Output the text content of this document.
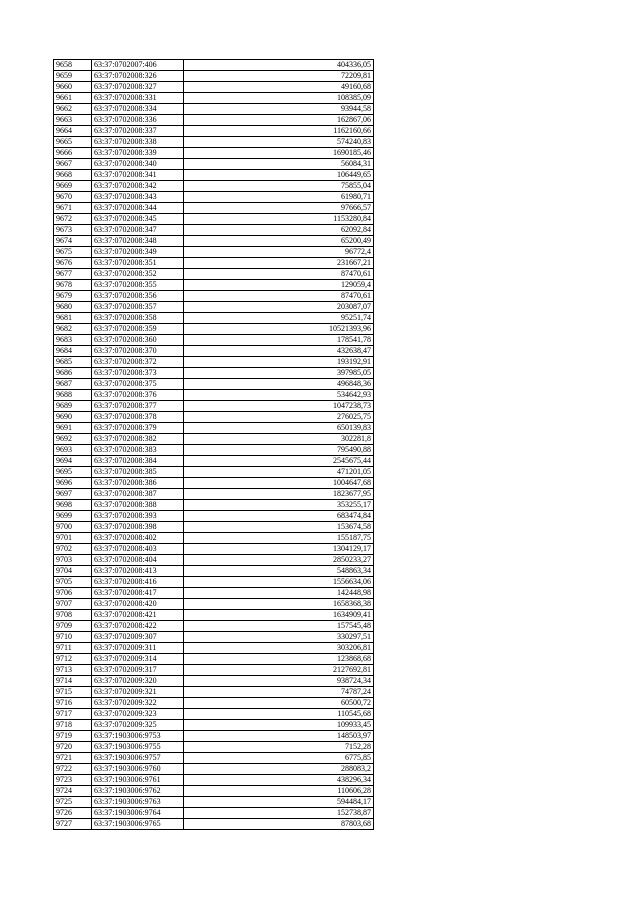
9658	63:37:0702007:406	404336,05
9659	63:37:0702008:326	72209,81
9660	63:37:0702008:327	49160,68
9661	63:37:0702008:331	108385,09
9662	63:37:0702008:334	93944,58
9663	63:37:0702008:336	162867,06
9664	63:37:0702008:337	1162160,66
9665	63:37:0702008:338	574240,83
9666	63:37:0702008:339	1690185,46
9667	63:37:0702008:340	56084,31
9668	63:37:0702008:341	106449,65
9669	63:37:0702008:342	75855,04
9670	63:37:0702008:343	61980,71
9671	63:37:0702008:344	97666,57
9672	63:37:0702008:345	1153280,84
9673	63:37:0702008:347	62092,84
9674	63:37:0702008:348	65200,49
9675	63:37:0702008:349	96772,4
9676	63:37:0702008:351	231667,21
9677	63:37:0702008:352	87470,61
9678	63:37:0702008:355	129059,4
9679	63:37:0702008:356	87470,61
9680	63:37:0702008:357	203087,07
9681	63:37:0702008:358	95251,74
9682	63:37:0702008:359	10521393,96
9683	63:37:0702008:360	178541,78
9684	63:37:0702008:370	432638,47
9685	63:37:0702008:372	193192,91
9686	63:37:0702008:373	397985,05
9687	63:37:0702008:375	496848,36
9688	63:37:0702008:376	534642,93
9689	63:37:0702008:377	1047238,73
9690	63:37:0702008:378	276025,75
9691	63:37:0702008:379	650139,83
9692	63:37:0702008:382	302281,8
9693	63:37:0702008:383	795490,88
9694	63:37:0702008:384	2545675,44
9695	63:37:0702008:385	471201,05
9696	63:37:0702008:386	1004647,68
9697	63:37:0702008:387	1823677,95
9698	63:37:0702008:388	353255,17
9699	63:37:0702008:393	683474,84
9700	63:37:0702008:398	153674,58
9701	63:37:0702008:402	155187,75
9702	63:37:0702008:403	1304129,17
9703	63:37:0702008:404	2850233,27
9704	63:37:0702008:413	548863,34
9705	63:37:0702008:416	1556634,06
9706	63:37:0702008:417	142448,98
9707	63:37:0702008:420	1658368,38
9708	63:37:0702008:421	1634909,41
9709	63:37:0702008:422	157545,48
9710	63:37:0702009:307	330297,51
9711	63:37:0702009:311	303206,81
9712	63:37:0702009:314	123868,68
9713	63:37:0702009:317	2127692,81
9714	63:37:0702009:320	938724,34
9715	63:37:0702009:321	74787,24
9716	63:37:0702009:322	60500,72
9717	63:37:0702009:323	110545,68
9718	63:37:0702009:325	109933,45
9719	63:37:1903006:9753	148503,97
9720	63:37:1903006:9755	7152,28
9721	63:37:1903006:9757	6775,85
9722	63:37:1903006:9760	288083,2
9723	63:37:1903006:9761	438296,34
9724	63:37:1903006:9762	110606,28
9725	63:37:1903006:9763	594484,17
9726	63:37:1903006:9764	152738,87
9727	63:37:1903006:9765	87803,68
